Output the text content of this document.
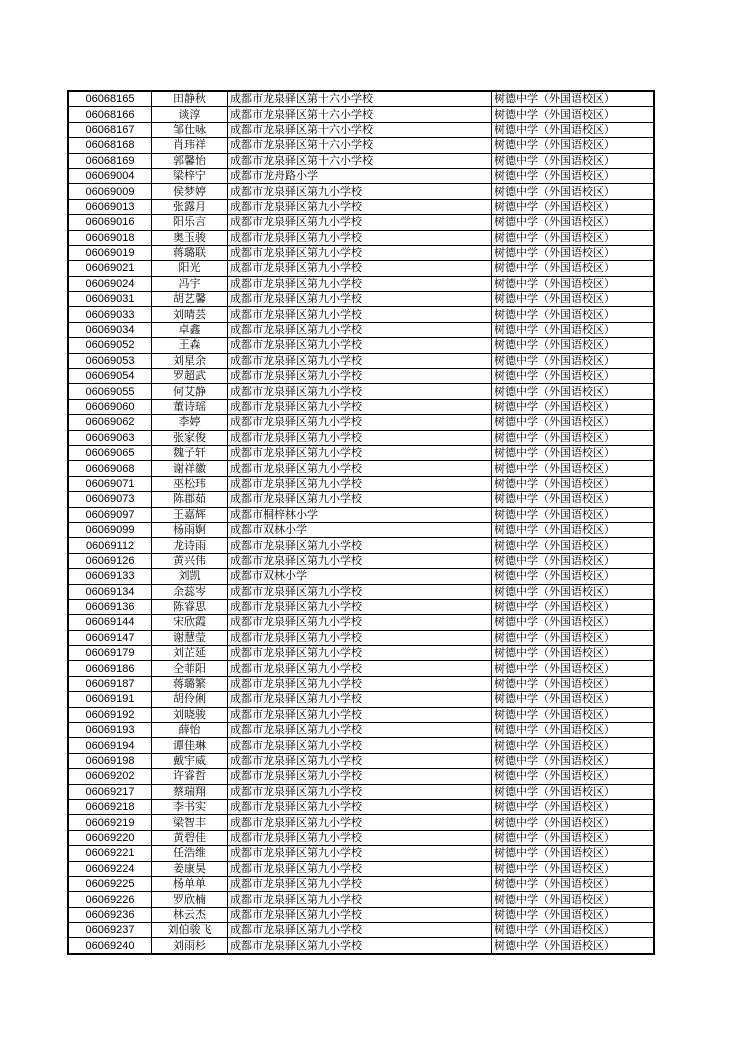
06068165	田静秋	成都市龙泉驿区第十六小学校	树德中学（外国语校区）
06068166	谈淳	成都市龙泉驿区第十六小学校	树德中学（外国语校区）
06068167	邹仕咏	成都市龙泉驿区第十六小学校	树德中学（外国语校区）
06068168	肖玮祥	成都市龙泉驿区第十六小学校	树德中学（外国语校区）
06068169	郭馨怡	成都市龙泉驿区第十六小学校	树德中学（外国语校区）
06069004	梁梓宁	成都市龙舟路小学	树德中学（外国语校区）
06069009	侯梦婷	成都市龙泉驿区第九小学校	树德中学（外国语校区）
06069013	张露月	成都市龙泉驿区第九小学校	树德中学（外国语校区）
06069016	阳乐言	成都市龙泉驿区第九小学校	树德中学（外国语校区）
06069018	奥玉骏	成都市龙泉驿区第九小学校	树德中学（外国语校区）
06069019	蒋璐联	成都市龙泉驿区第九小学校	树德中学（外国语校区）
06069021	阳光	成都市龙泉驿区第九小学校	树德中学（外国语校区）
06069024	冯宇	成都市龙泉驿区第九小学校	树德中学（外国语校区）
06069031	胡艺馨	成都市龙泉驿区第九小学校	树德中学（外国语校区）
06069033	刘晴芸	成都市龙泉驿区第九小学校	树德中学（外国语校区）
06069034	卓鑫	成都市龙泉驿区第九小学校	树德中学（外国语校区）
06069052	王森	成都市龙泉驿区第九小学校	树德中学（外国语校区）
06069053	刘星余	成都市龙泉驿区第九小学校	树德中学（外国语校区）
06069054	罗超武	成都市龙泉驿区第九小学校	树德中学（外国语校区）
06069055	何艾静	成都市龙泉驿区第九小学校	树德中学（外国语校区）
06069060	董诗瑶	成都市龙泉驿区第九小学校	树德中学（外国语校区）
06069062	李婷	成都市龙泉驿区第九小学校	树德中学（外国语校区）
06069063	张家俊	成都市龙泉驿区第九小学校	树德中学（外国语校区）
06069065	魏子轩	成都市龙泉驿区第九小学校	树德中学（外国语校区）
06069068	谢祥徽	成都市龙泉驿区第九小学校	树德中学（外国语校区）
06069071	巫松玮	成都市龙泉驿区第九小学校	树德中学（外国语校区）
06069073	陈郡茹	成都市龙泉驿区第九小学校	树德中学（外国语校区）
06069097	王嘉辉	成都市桐梓林小学	树德中学（外国语校区）
06069099	杨雨婀	成都市双林小学	树德中学（外国语校区）
06069112	龙诗雨	成都市龙泉驿区第九小学校	树德中学（外国语校区）
06069126	黄兴伟	成都市龙泉驿区第九小学校	树德中学（外国语校区）
06069133	刘凯	成都市双林小学	树德中学（外国语校区）
06069134	余蕊岑	成都市龙泉驿区第九小学校	树德中学（外国语校区）
06069136	陈睿思	成都市龙泉驿区第九小学校	树德中学（外国语校区）
06069144	宋欣霞	成都市龙泉驿区第九小学校	树德中学（外国语校区）
06069147	谢慧莹	成都市龙泉驿区第九小学校	树德中学（外国语校区）
06069179	刘芷延	成都市龙泉驿区第九小学校	树德中学（外国语校区）
06069186	仝菲阳	成都市龙泉驿区第九小学校	树德中学（外国语校区）
06069187	蒋璐繁	成都市龙泉驿区第九小学校	树德中学（外国语校区）
06069191	胡伶俐	成都市龙泉驿区第九小学校	树德中学（外国语校区）
06069192	刘晓骏	成都市龙泉驿区第九小学校	树德中学（外国语校区）
06069193	薛怡	成都市龙泉驿区第九小学校	树德中学（外国语校区）
06069194	谭佳琳	成都市龙泉驿区第九小学校	树德中学（外国语校区）
06069198	戴宇威	成都市龙泉驿区第九小学校	树德中学（外国语校区）
06069202	许睿哲	成都市龙泉驿区第九小学校	树德中学（外国语校区）
06069217	蔡瑞翔	成都市龙泉驿区第九小学校	树德中学（外国语校区）
06069218	李书实	成都市龙泉驿区第九小学校	树德中学（外国语校区）
06069219	梁智丰	成都市龙泉驿区第九小学校	树德中学（外国语校区）
06069220	黄碧佳	成都市龙泉驿区第九小学校	树德中学（外国语校区）
06069221	任浩维	成都市龙泉驿区第九小学校	树德中学（外国语校区）
06069224	姜康昊	成都市龙泉驿区第九小学校	树德中学（外国语校区）
06069225	杨单单	成都市龙泉驿区第九小学校	树德中学（外国语校区）
06069226	罗欣楠	成都市龙泉驿区第九小学校	树德中学（外国语校区）
06069236	林云杰	成都市龙泉驿区第九小学校	树德中学（外国语校区）
06069237	刘伯骏飞	成都市龙泉驿区第九小学校	树德中学（外国语校区）
06069240	刘雨杉	成都市龙泉驿区第九小学校	树德中学（外国语校区）
